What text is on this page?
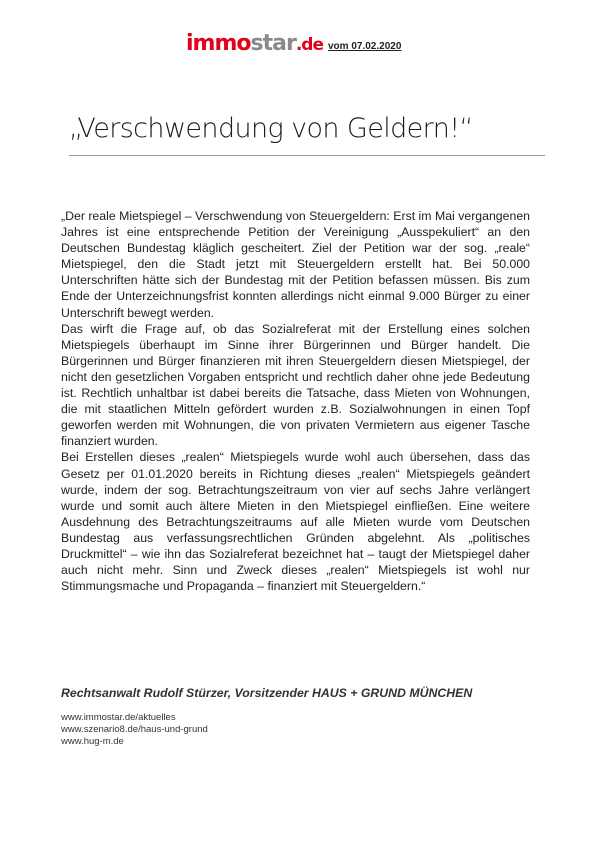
immostar.de vom 07.02.2020
„Verschwendung von Geldern!“

„Der reale Mietspiegel – Verschwendung von Steuergeldern: Erst im Mai vergangenen Jahres ist eine entsprechende Petition der Vereinigung „Ausspekuliert“ an den Deutschen Bundestag kläglich gescheitert. Ziel der Petition war der sog. „reale“ Mietspiegel, den die Stadt jetzt mit Steuergeldern erstellt hat. Bei 50.000 Unterschriften hätte sich der Bundestag mit der Petition befassen müssen. Bis zum Ende der Unterzeichnungsfrist konnten allerdings nicht einmal 9.000 Bürger zu einer Unterschrift bewegt werden.

Das wirft die Frage auf, ob das Sozialreferat mit der Erstellung eines solchen Mietspiegels überhaupt im Sinne ihrer Bürgerinnen und Bürger handelt. Die Bürgerinnen und Bürger finanzieren mit ihren Steuergeldern diesen Mietspiegel, der nicht den gesetzlichen Vorgaben entspricht und rechtlich daher ohne jede Bedeutung ist. Rechtlich unhaltbar ist dabei bereits die Tatsache, dass Mieten von Wohnungen, die mit staatlichen Mitteln gefördert wurden z.B. Sozialwohnungen in einen Topf geworfen werden mit Wohnungen, die von privaten Vermietern aus eigener Tasche finanziert wurden.

Bei Erstellen dieses „realen“ Mietspiegels wurde wohl auch übersehen, dass das Gesetz per 01.01.2020 bereits in Richtung dieses „realen“ Mietspiegels geändert wurde, indem der sog. Betrachtungszeitraum von vier auf sechs Jahre verlängert wurde und somit auch ältere Mieten in den Mietspiegel einfließen. Eine weitere Ausdehnung des Betrachtungszeitraums auf alle Mieten wurde vom Deutschen Bundestag aus verfassungsrechtlichen Gründen abgelehnt. Als „politisches Druckmittel“ – wie ihn das Sozialreferat bezeichnet hat – taugt der Mietspiegel daher auch nicht mehr. Sinn und Zweck dieses „realen“ Mietspiegels ist wohl nur Stimmungsmache und Propaganda – finanziert mit Steuergeldern.“

Rechtsanwalt Rudolf Stürzer, Vorsitzender HAUS + GRUND MÜNCHEN

www.immostar.de/aktuelles
www.szenario8.de/haus-und-grund
www.hug-m.de
